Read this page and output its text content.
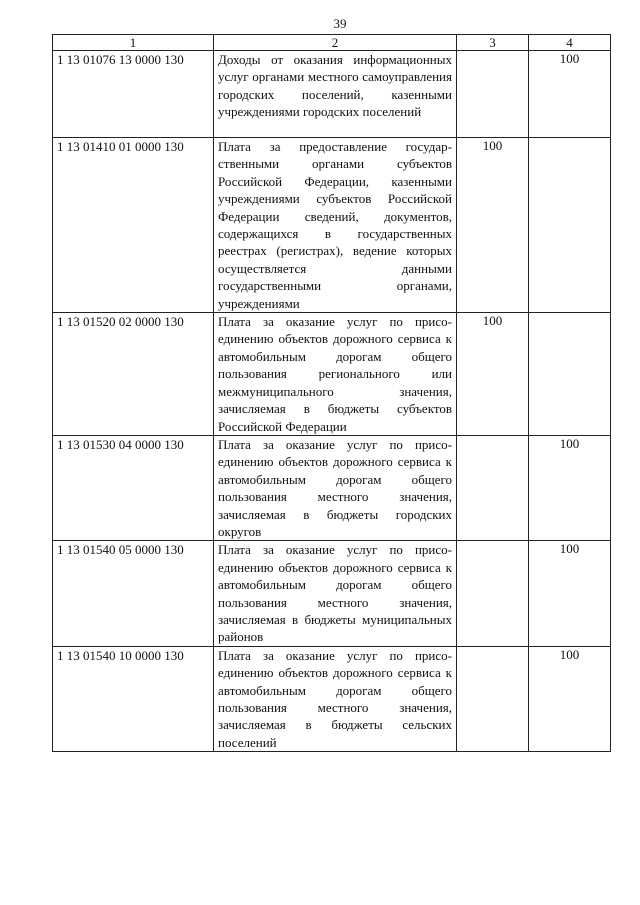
39
1	2	3	4
1 13 01076 13 0000 130	Доходы от оказания информационных услуг органами местного самоуправления городских поселений, казенными учреждениями городских поселений		100
1 13 01410 01 0000 130	Плата за предоставление государственными органами субъектов Российской Федерации, казенными учреждениями субъектов Российской Федерации сведений, документов, содержащихся в государственных реестрах (регистрах), ведение которых осуществляется данными государственными органами, учреждениями	100	
1 13 01520 02 0000 130	Плата за оказание услуг по присоединению объектов дорожного сервиса к автомобильным дорогам общего пользования регионального или межмуниципального значения, зачисляемая в бюджеты субъектов Российской Федерации	100	
1 13 01530 04 0000 130	Плата за оказание услуг по присоединению объектов дорожного сервиса к автомобильным дорогам общего пользования местного значения, зачисляемая в бюджеты городских округов		100
1 13 01540 05 0000 130	Плата за оказание услуг по присоединению объектов дорожного сервиса к автомобильным дорогам общего пользования местного значения, зачисляемая в бюджеты муниципальных районов		100
1 13 01540 10 0000 130	Плата за оказание услуг по присоединению объектов дорожного сервиса к автомобильным дорогам общего пользования местного значения, зачисляемая в бюджеты сельских поселений		100
